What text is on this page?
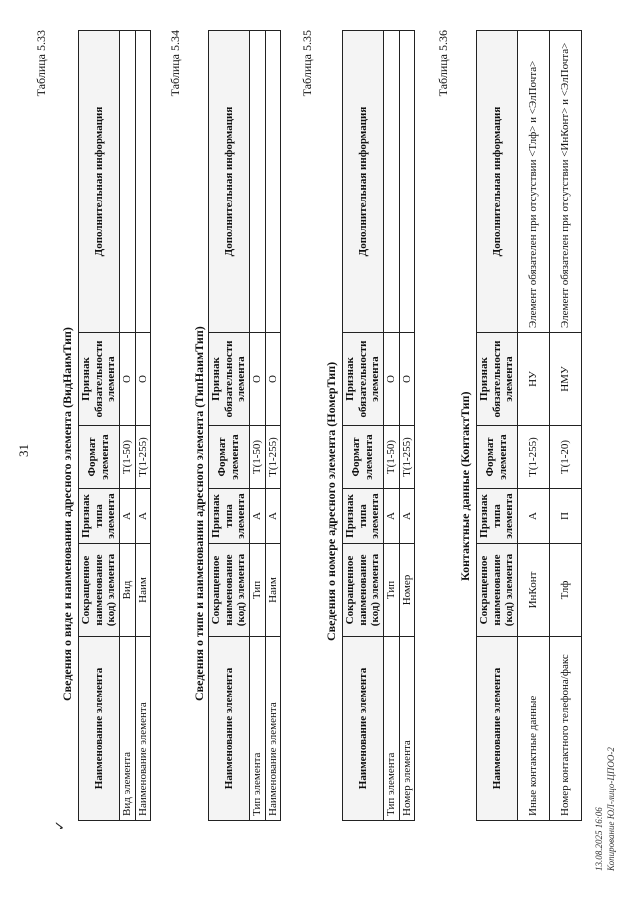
31
✓
Таблица 5.33
Сведения о виде и наименовании адресного элемента (ВидНаимТип)
Наименование элемента	Сокращенное наименование (код) элемента	Признак типа элемента	Формат элемента	Признак обязательности элемента	Дополнительная информация
Вид элемента	Вид	А	T(1-50)	О	
Наименование элемента	Наим	А	T(1-255)	О	
Таблица 5.34
Сведения о типе и наименовании адресного элемента (ТипНаимТип)
Наименование элемента	Сокращенное наименование (код) элемента	Признак типа элемента	Формат элемента	Признак обязательности элемента	Дополнительная информация
Тип элемента	Тип	А	T(1-50)	О	
Наименование элемента	Наим	А	T(1-255)	О	
Таблица 5.35
Сведения о номере адресного элемента (НомерТип)
Наименование элемента	Сокращенное наименование (код) элемента	Признак типа элемента	Формат элемента	Признак обязательности элемента	Дополнительная информация
Тип элемента	Тип	А	T(1-50)	О	
Номер элемента	Номер	А	T(1-255)	О	
Таблица 5.36
Контактные данные (КонтактТип)
Наименование элемента	Сокращенное наименование (код) элемента	Признак типа элемента	Формат элемента	Признак обязательности элемента	Дополнительная информация
Иные контактные данные	ИнКонт	А	T(1-255)	НУ	Элемент обязателен при отсутствии <Тлф> и <ЭлПочта>
Номер контактного телефона/факс	Тлф	П	T(1-20)	НМУ	Элемент обязателен при отсутствии <ИнКонт> и <ЭлПочта>
13.08.2025 16:06 Копирование ЮЛ-лицо-ЦПОО-2
